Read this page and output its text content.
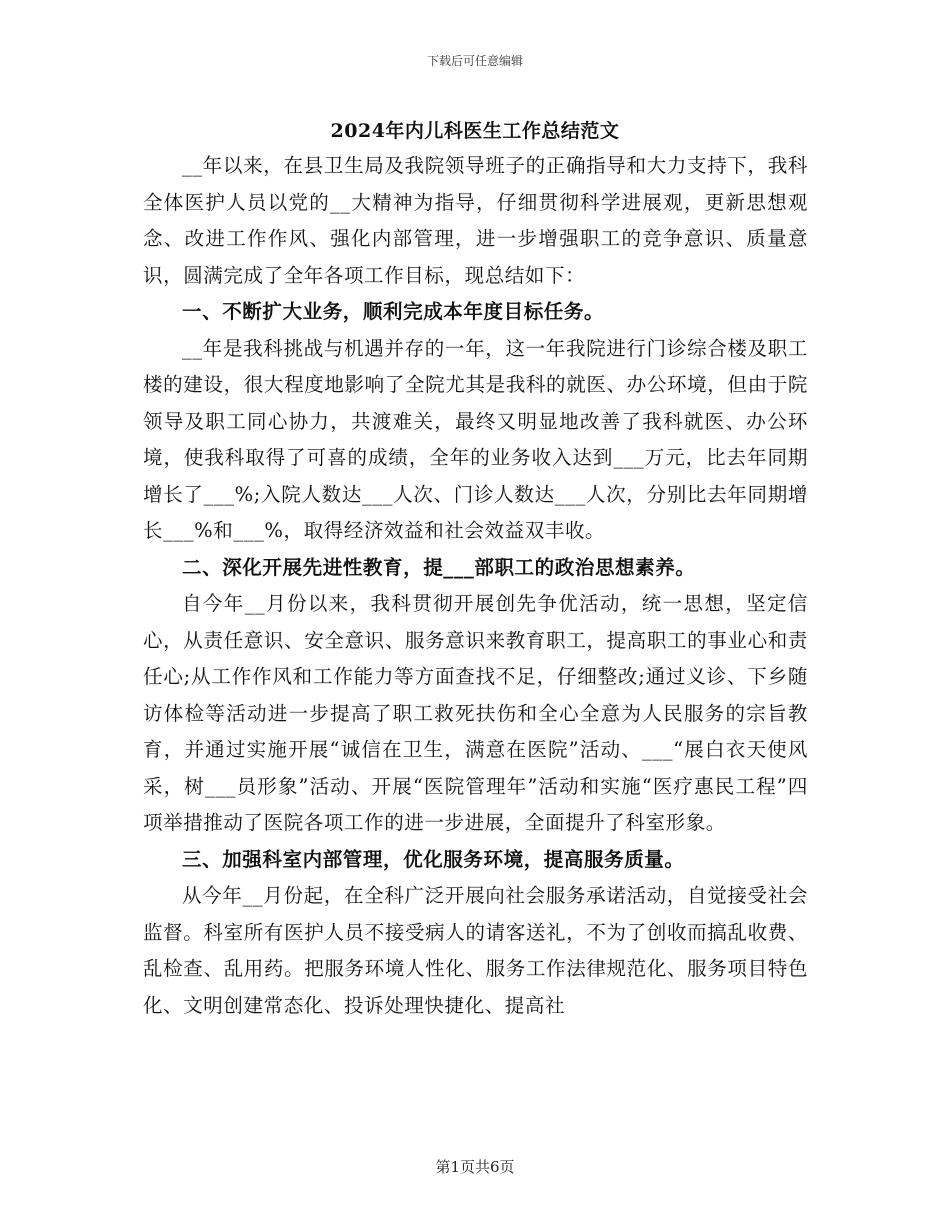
下载后可任意编辑
2024年内儿科医生工作总结范文

__年以来，在县卫生局及我院领导班子的正确指导和大力支持下，我科全体医护人员以党的__大精神为指导，仔细贯彻科学进展观，更新思想观念、改进工作作风、强化内部管理，进一步增强职工的竞争意识、质量意识，圆满完成了全年各项工作目标，现总结如下：

一、不断扩大业务，顺利完成本年度目标任务。

__年是我科挑战与机遇并存的一年，这一年我院进行门诊综合楼及职工楼的建设，很大程度地影响了全院尤其是我科的就医、办公环境，但由于院领导及职工同心协力，共渡难关，最终又明显地改善了我科就医、办公环境，使我科取得了可喜的成绩，全年的业务收入达到___万元，比去年同期增长了___%;入院人数达___人次、门诊人数达___人次，分别比去年同期增长___%和___%，取得经济效益和社会效益双丰收。

二、深化开展先进性教育，提___部职工的政治思想素养。

自今年__月份以来，我科贯彻开展创先争优活动，统一思想，坚定信心，从责任意识、安全意识、服务意识来教育职工，提高职工的事业心和责任心;从工作作风和工作能力等方面查找不足，仔细整改;通过义诊、下乡随访体检等活动进一步提高了职工救死扶伤和全心全意为人民服务的宗旨教育，并通过实施开展“诚信在卫生，满意在医院”活动、___“展白衣天使风采，树___员形象”活动、开展“医院管理年”活动和实施“医疗惠民工程”四项举措推动了医院各项工作的进一步进展，全面提升了科室形象。

三、加强科室内部管理，优化服务环境，提高服务质量。

从今年__月份起，在全科广泛开展向社会服务承诺活动，自觉接受社会监督。科室所有医护人员不接受病人的请客送礼，不为了创收而搞乱收费、乱检查、乱用药。把服务环境人性化、服务工作法律规范化、服务项目特色化、文明创建常态化、投诉处理快捷化、提高社

第1页共6页
